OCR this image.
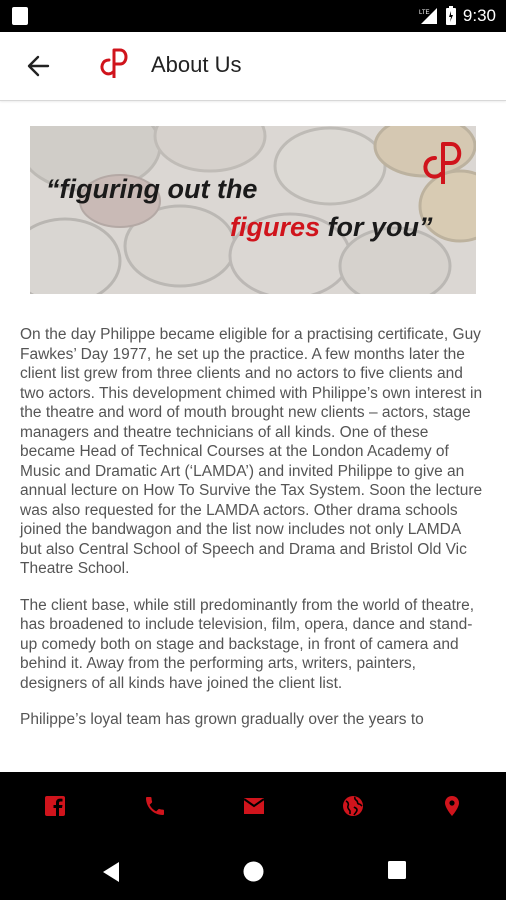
LTE 9:30
About Us
“figuring out the
figures for you”

On the day Philippe became eligible for a practising certificate, Guy Fawkes’ Day 1977, he set up the practice. A few months later the client list grew from three clients and no actors to five clients and two actors. This development chimed with Philippe’s own interest in the theatre and word of mouth brought new clients – actors, stage managers and theatre technicians of all kinds. One of these became Head of Technical Courses at the London Academy of Music and Dramatic Art (‘LAMDA’) and invited Philippe to give an annual lecture on How To Survive the Tax System. Soon the lecture was also requested for the LAMDA actors. Other drama schools joined the bandwagon and the list now includes not only LAMDA but also Central School of Speech and Drama and Bristol Old Vic Theatre School.

The client base, while still predominantly from the world of theatre, has broadened to include television, film, opera, dance and stand-up comedy both on stage and backstage, in front of camera and behind it. Away from the performing arts, writers, painters, designers of all kinds have joined the client list.

Philippe’s loyal team has grown gradually over the years to
